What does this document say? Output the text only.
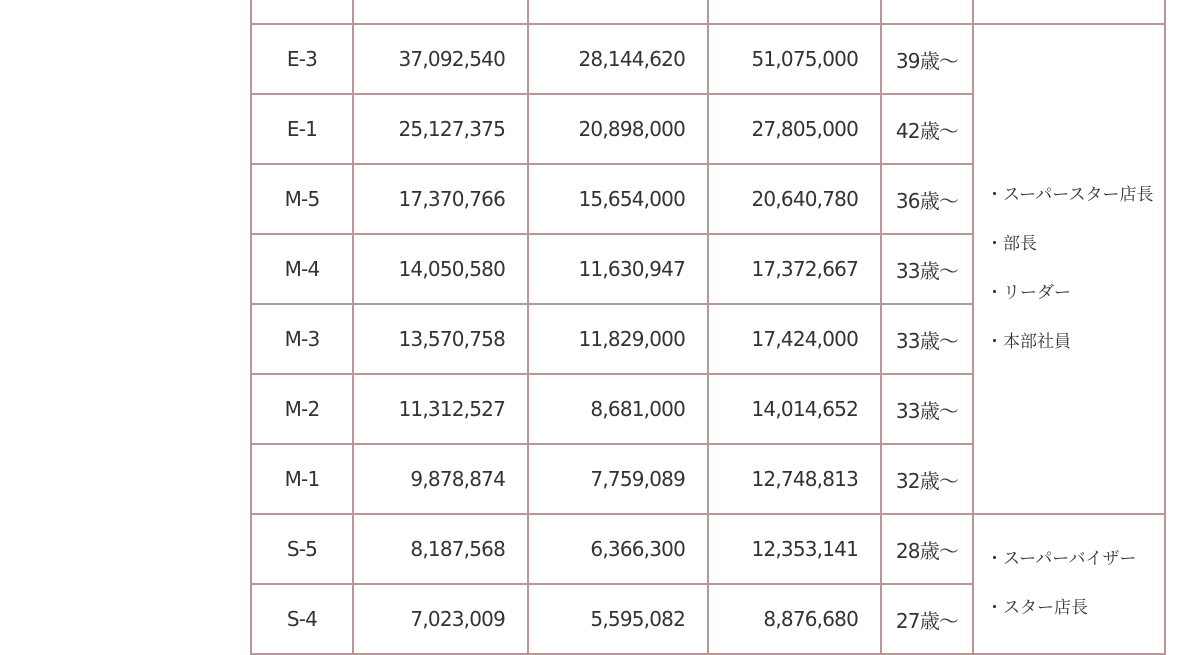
E-3	37,092,540	28,144,620	51,075,000	39歳〜	・スーパースター店長
・部長
・リーダー
・本部社員

E-1	25,127,375	20,898,000	27,805,000	42歳〜	
M-5	17,370,766	15,654,000	20,640,780	36歳〜	
M-4	14,050,580	11,630,947	17,372,667	33歳〜	
M-3	13,570,758	11,829,000	17,424,000	33歳〜	
M-2	11,312,527	8,681,000	14,014,652	33歳〜	
M-1	9,878,874	7,759,089	12,748,813	32歳〜	
S-5	8,187,568	6,366,300	12,353,141	28歳〜	・スーパーバイザー
・スター店長

S-4	7,023,009	5,595,082	8,876,680	27歳〜	
